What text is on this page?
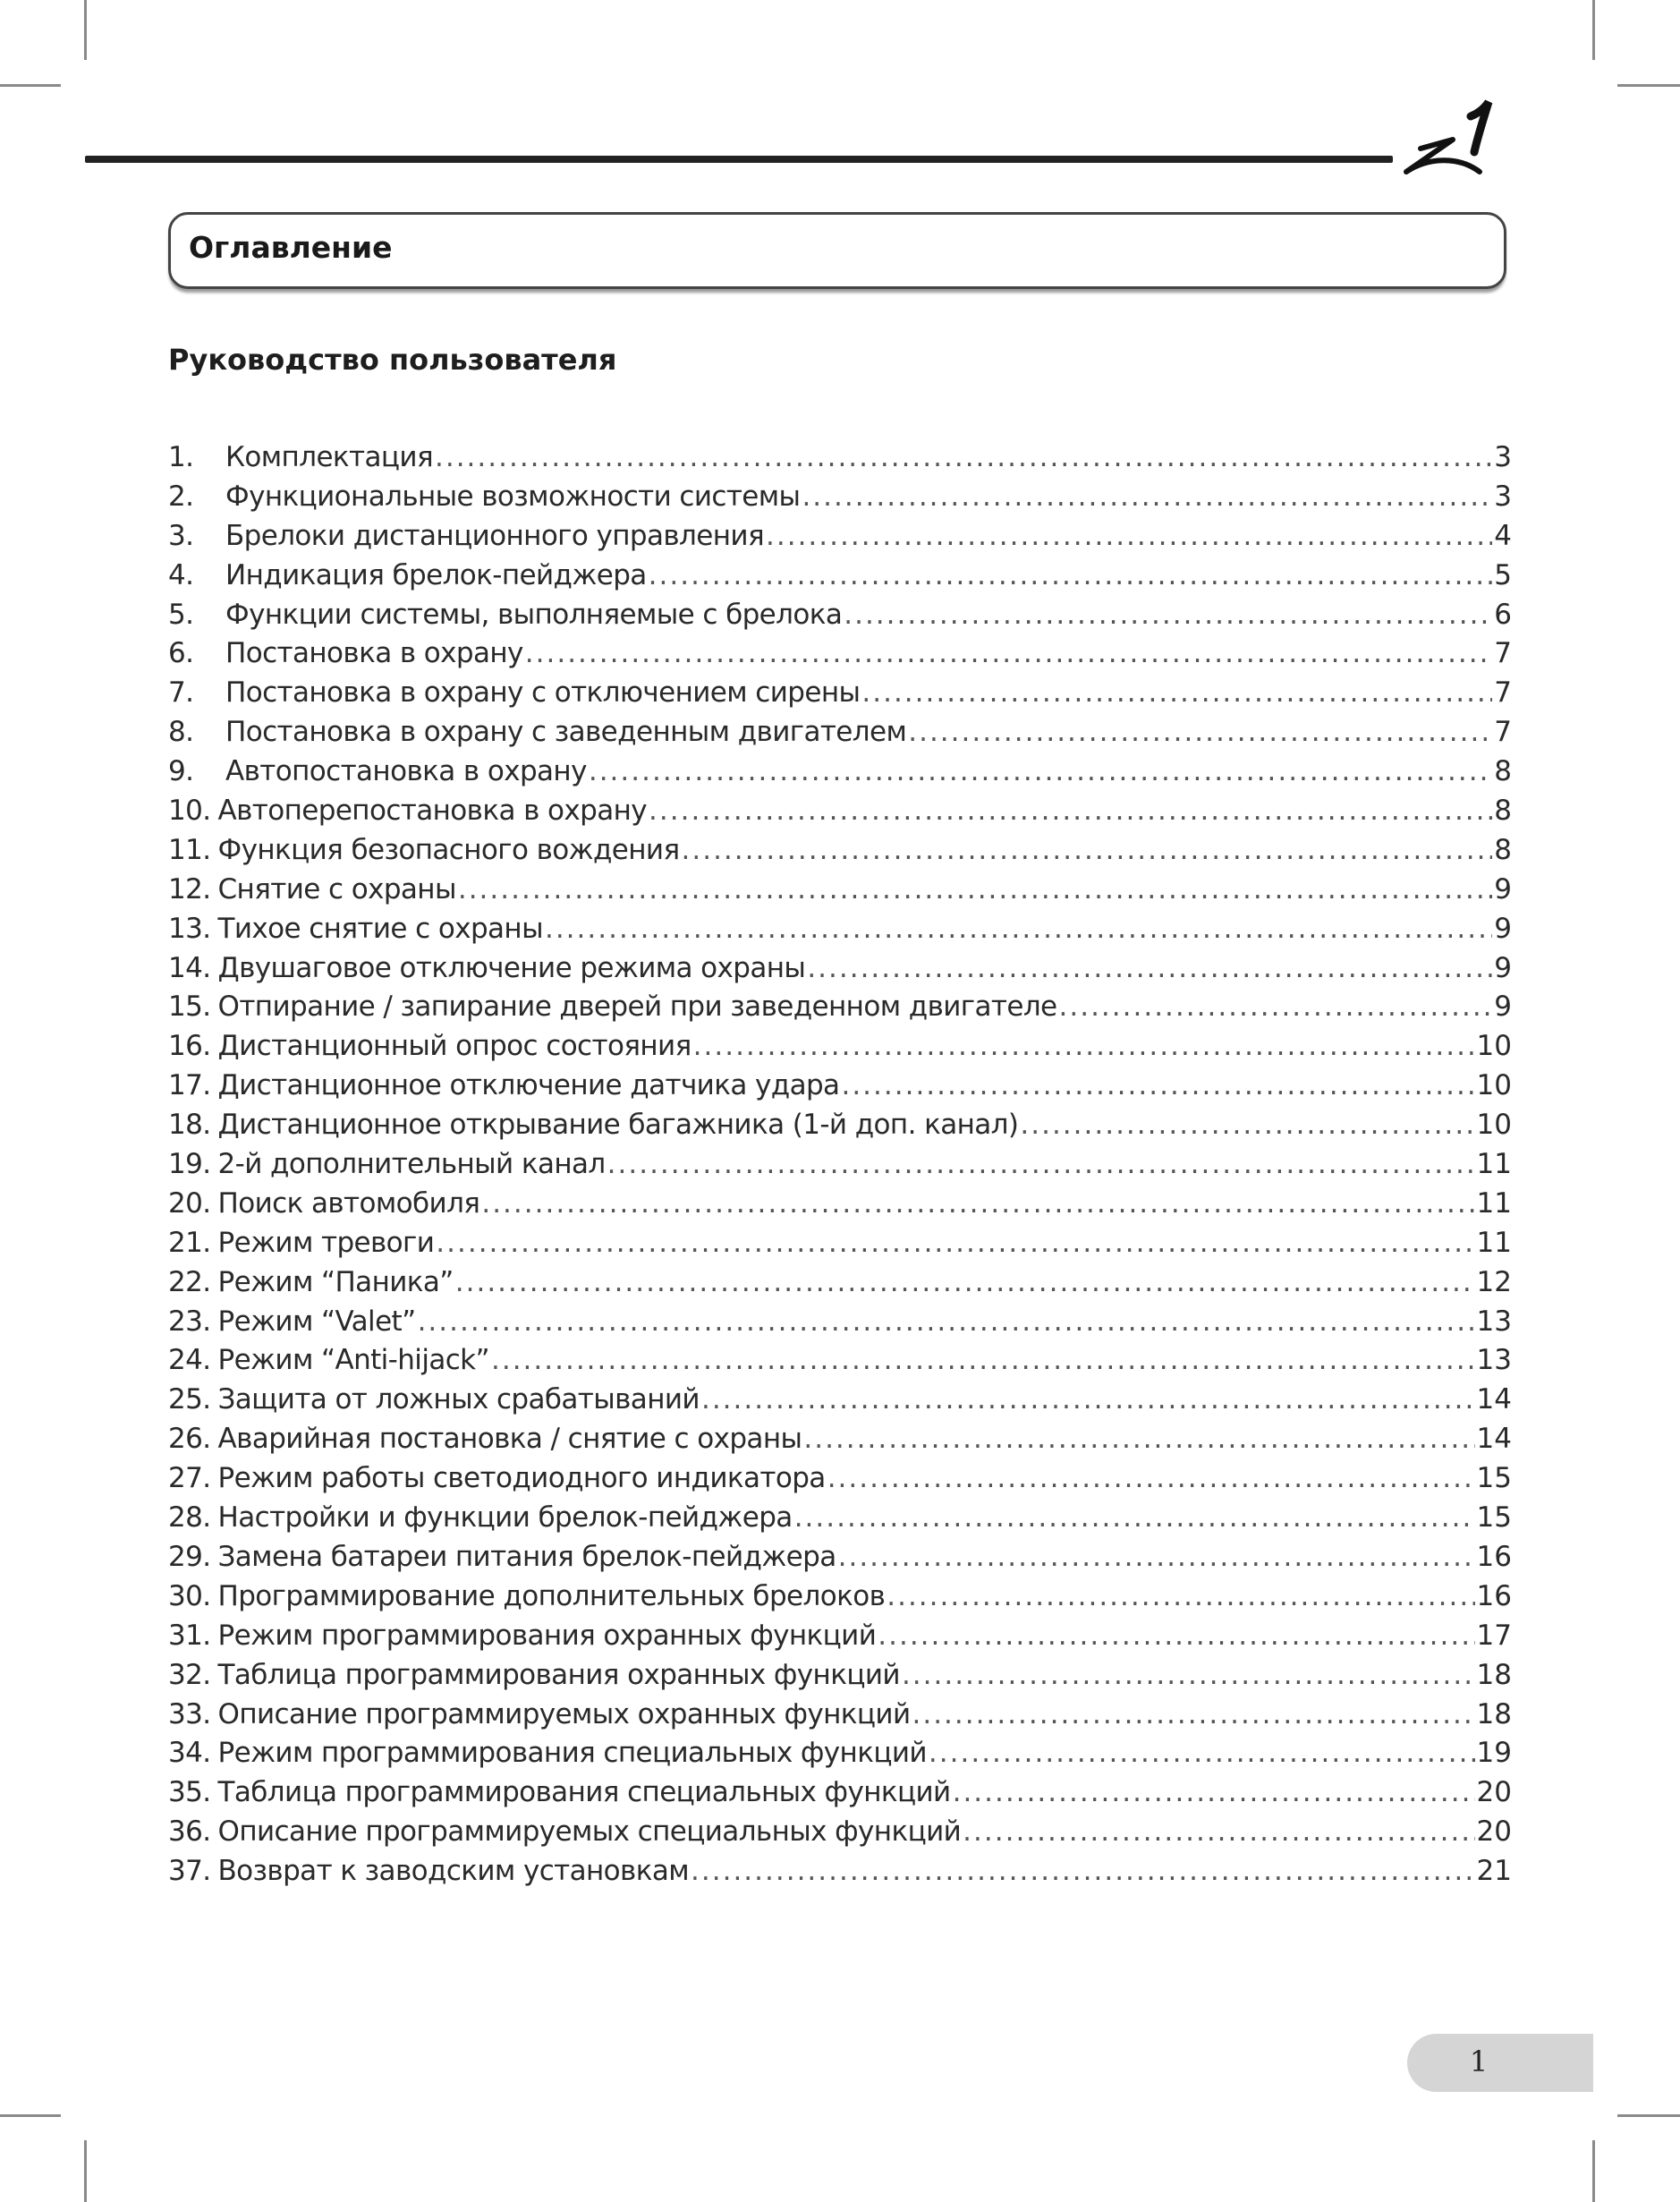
Оглавление
Руководство пользователя
1.	Комплектация .....	3
2.	Функциональные возможности системы .....	3
3.	Брелоки дистанционного управления .....	4
4.	Индикация брелок-пейджера .....	5
5.	Функции системы, выполняемые с брелока .....	6
6.	Постановка в охрану .....	7
7.	Постановка в охрану с отключением сирены .....	7
8.	Постановка в охрану с заведенным двигателем .....	7
9.	Автопостановка в охрану .....	8
10. Автоперепостановка в охрану .....	8
11. Функция безопасного вождения .....	8
12. Снятие с охраны .....	9
13. Тихое снятие с охраны .....	9
14. Двушаговое отключение режима охраны .....	9
15. Отпирание / запирание дверей при заведенном двигателе .....	9
16. Дистанционный опрос состояния .....	10
17. Дистанционное отключение датчика удара .....	10
18. Дистанционное открывание багажника (1-й доп. канал) .....	10
19. 2-й дополнительный канал .....	11
20. Поиск автомобиля .....	11
21. Режим тревоги .....	11
22. Режим “Паника” .....	12
23. Режим “Valet” .....	13
24. Режим “Anti-hijack” .....	13
25. Защита от ложных срабатываний .....	14
26. Аварийная постановка / снятие с охраны .....	14
27. Режим работы светодиодного индикатора .....	15
28. Настройки и функции брелок-пейджера .....	15
29. Замена батареи питания брелок-пейджера .....	16
30. Программирование дополнительных брелоков .....	16
31. Режим программирования охранных функций .....	17
32. Таблица программирования охранных функций .....	18
33. Описание программируемых охранных функций .....	18
34. Режим программирования специальных функций .....	19
35. Таблица программирования специальных функций .....	20
36. Описание программируемых специальных функций .....	20
37. Возврат к заводским установкам .....	21
1
